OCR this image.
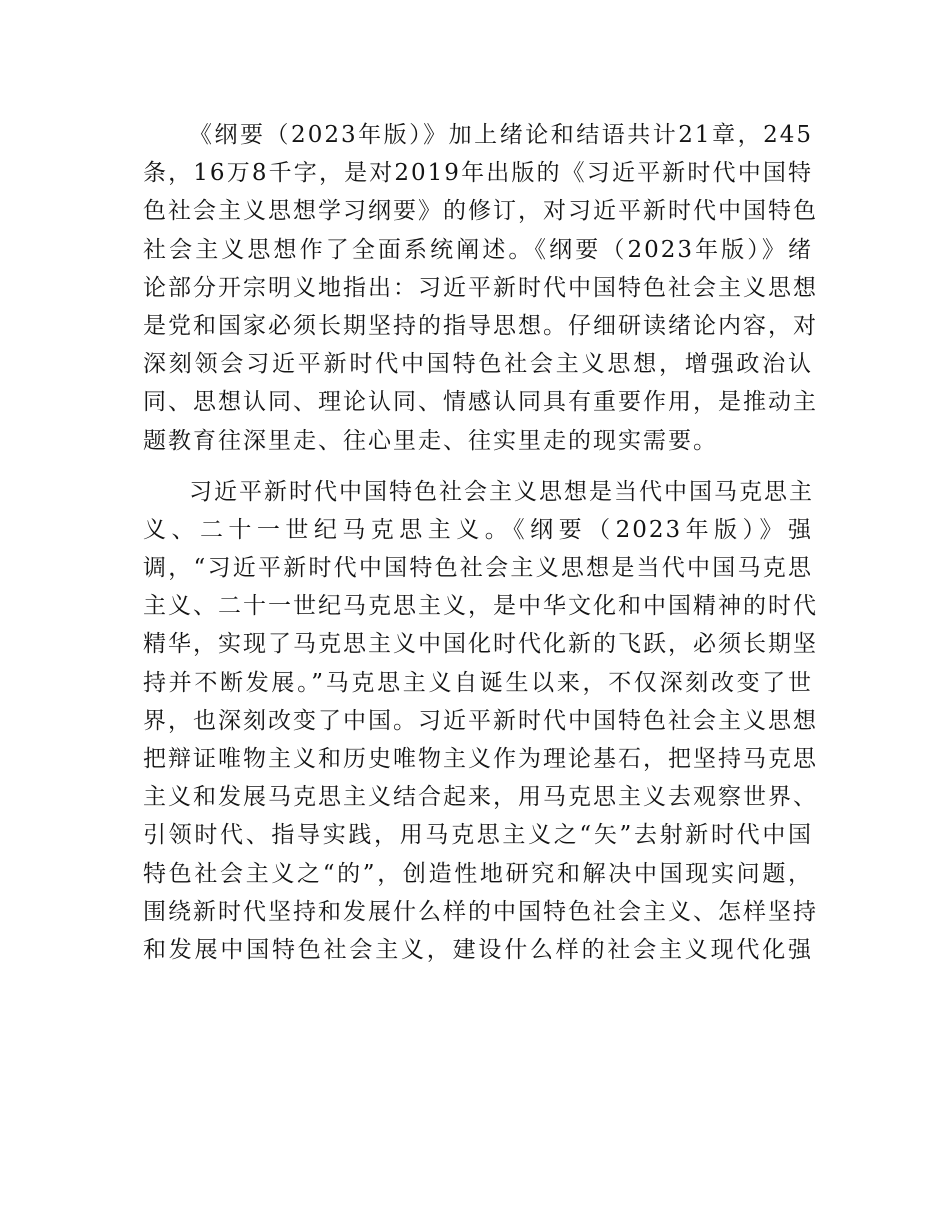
《纲要（2023年版）》加上绪论和结语共计21章，245
条，16万8千字，是对2019年出版的《习近平新时代中国特
色社会主义思想学习纲要》的修订，对习近平新时代中国特色
社会主义思想作了全面系统阐述。《纲要（2023年版）》绪
论部分开宗明义地指出：习近平新时代中国特色社会主义思想
是党和国家必须长期坚持的指导思想。仔细研读绪论内容，对
深刻领会习近平新时代中国特色社会主义思想，增强政治认
同、思想认同、理论认同、情感认同具有重要作用，是推动主
题教育往深里走、往心里走、往实里走的现实需要。
习近平新时代中国特色社会主义思想是当代中国马克思主
义、二十一世纪马克思主义。《纲要（2023年版）》强
调，“习近平新时代中国特色社会主义思想是当代中国马克思
主义、二十一世纪马克思主义，是中华文化和中国精神的时代
精华，实现了马克思主义中国化时代化新的飞跃，必须长期坚
持并不断发展。”马克思主义自诞生以来，不仅深刻改变了世
界，也深刻改变了中国。习近平新时代中国特色社会主义思想
把辩证唯物主义和历史唯物主义作为理论基石，把坚持马克思
主义和发展马克思主义结合起来，用马克思主义去观察世界、
引领时代、指导实践，用马克思主义之“矢”去射新时代中国
特色社会主义之“的”，创造性地研究和解决中国现实问题，
围绕新时代坚持和发展什么样的中国特色社会主义、怎样坚持
和发展中国特色社会主义，建设什么样的社会主义现代化强
